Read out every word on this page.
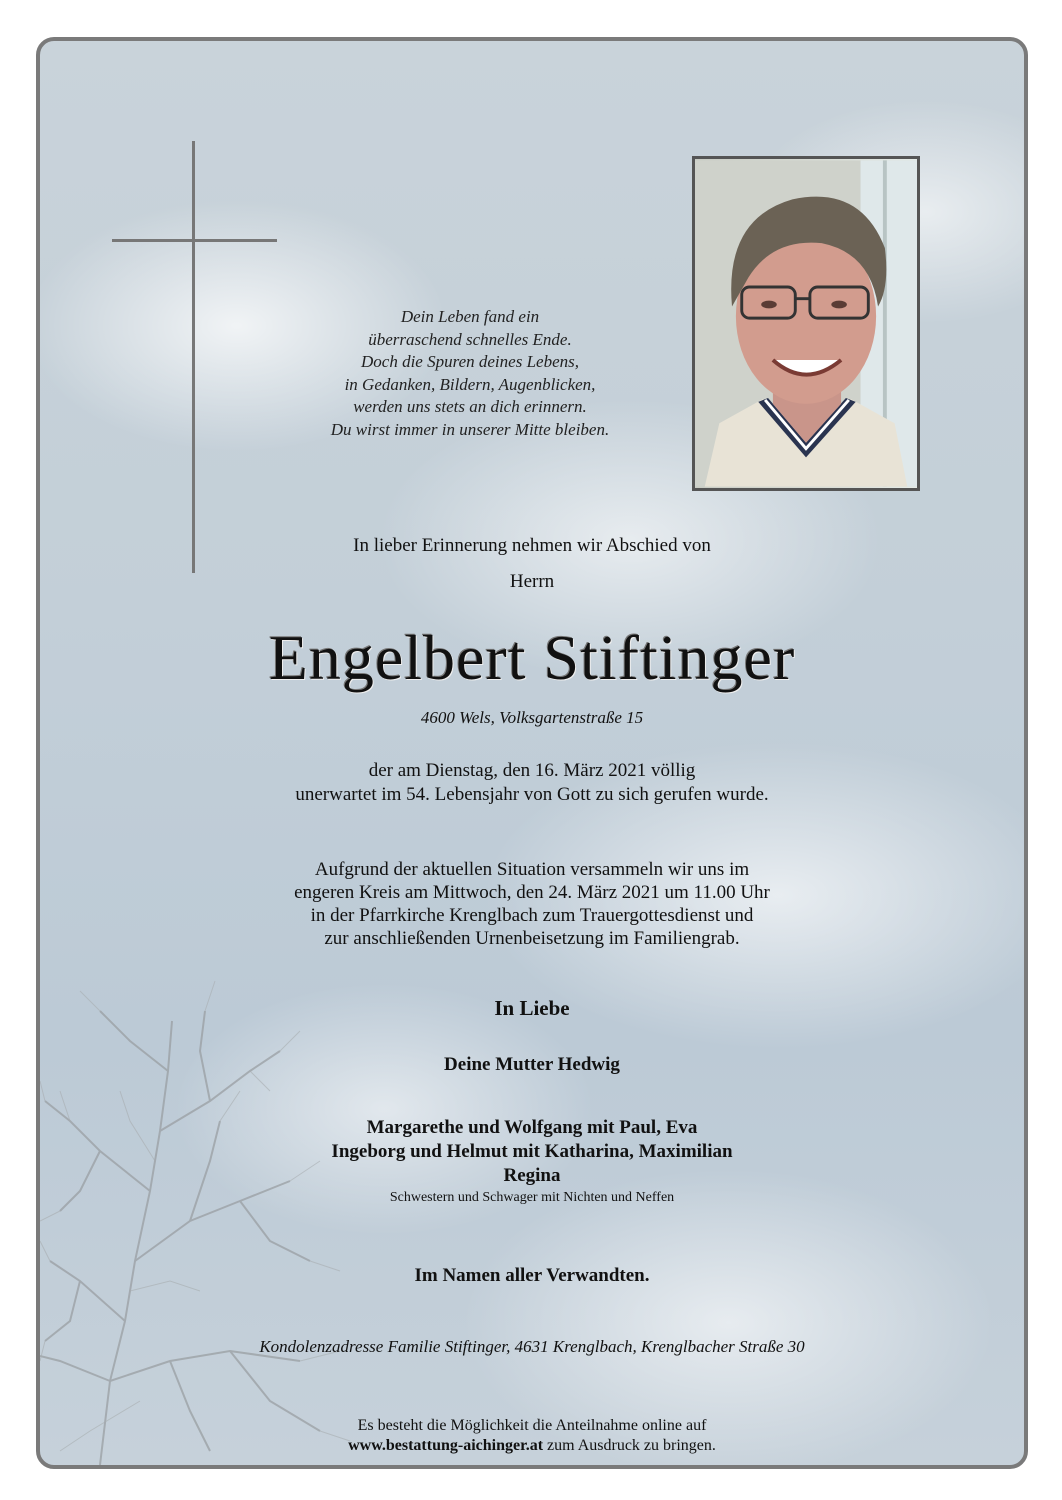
Dein Leben fand ein
überraschend schnelles Ende.
Doch die Spuren deines Lebens,
in Gedanken, Bildern, Augenblicken,
werden uns stets an dich erinnern.
Du wirst immer in unserer Mitte bleiben.
In lieber Erinnerung nehmen wir Abschied von
Herrn
Engelbert Stiftinger
4600 Wels, Volksgartenstraße 15
der am Dienstag, den 16. März 2021 völlig
unerwartet im 54. Lebensjahr von Gott zu sich gerufen wurde.
Aufgrund der aktuellen Situation versammeln wir uns im
engeren Kreis am Mittwoch, den 24. März 2021 um 11.00 Uhr
in der Pfarrkirche Krenglbach zum Trauergottesdienst und
zur anschließenden Urnenbeisetzung im Familiengrab.
In Liebe
Deine Mutter Hedwig
Margarethe und Wolfgang mit Paul, Eva
Ingeborg und Helmut mit Katharina, Maximilian
Regina
Schwestern und Schwager mit Nichten und Neffen
Im Namen aller Verwandten.
Kondolenzadresse Familie Stiftinger, 4631 Krenglbach, Krenglbacher Straße 30
Es besteht die Möglichkeit die Anteilnahme online auf
www.bestattung-aichinger.at zum Ausdruck zu bringen.
